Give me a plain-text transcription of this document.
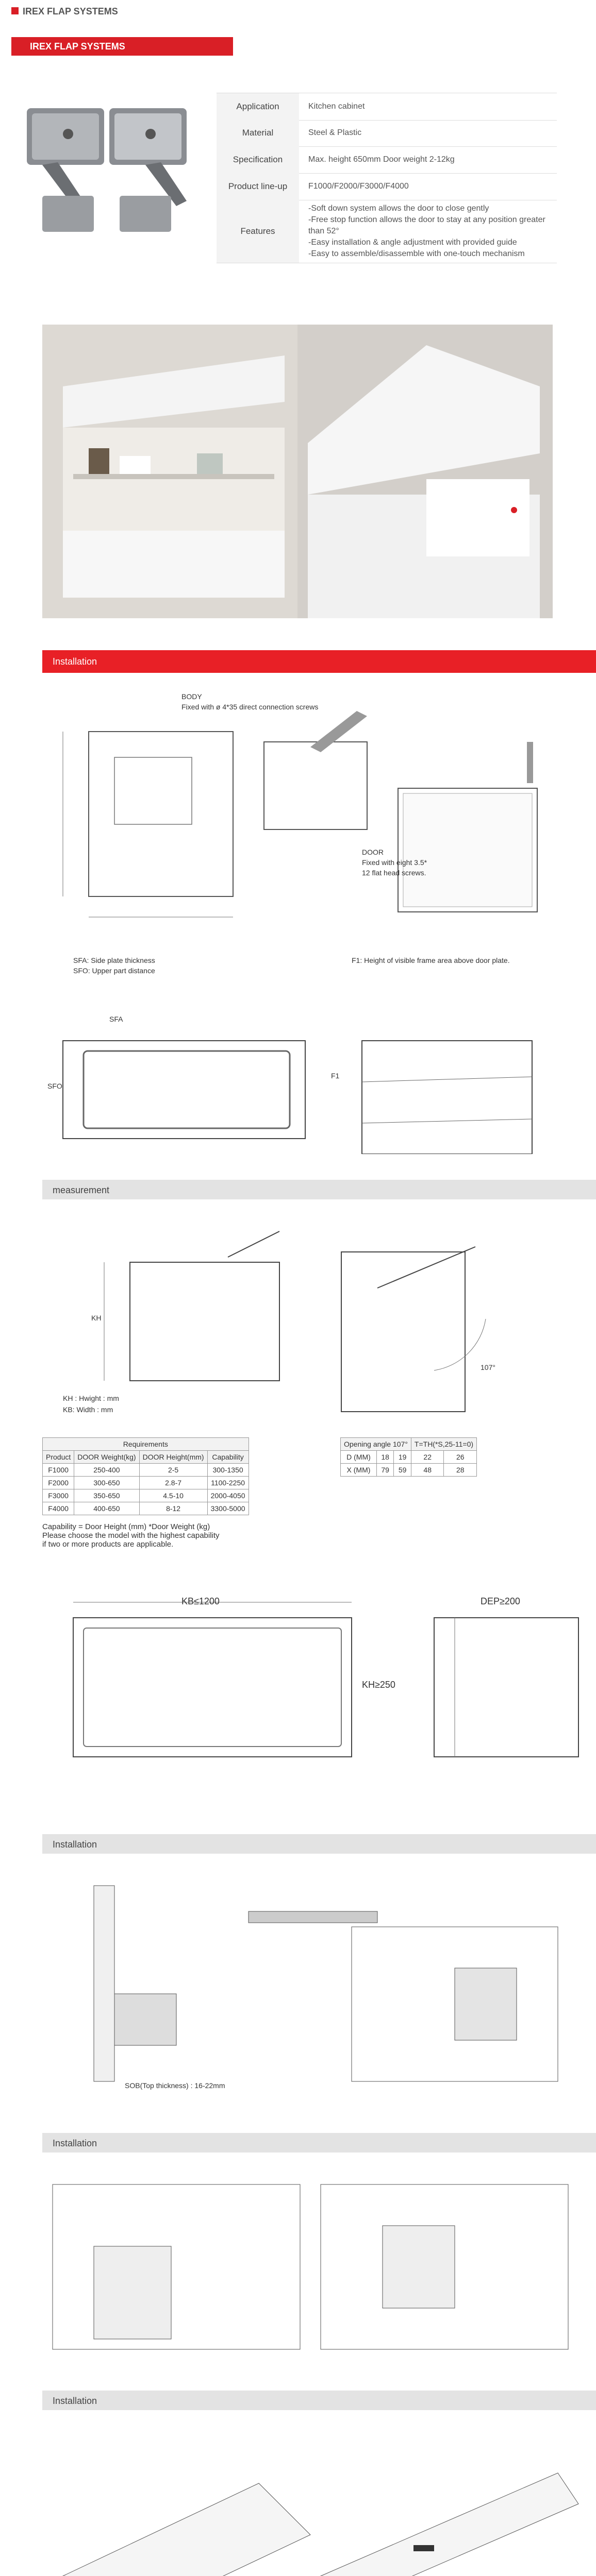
IREX FLAP SYSTEMS
IREX FLAP SYSTEMS
Application	Kitchen cabinet
Material	Steel & Plastic
Specification	Max. height 650mm Door weight 2-12kg
Product line-up	F1000/F2000/F3000/F4000
Features
-Soft down system allows the door to close gently
-Free stop function allows the door to stay at any position greater
than 52°
-Easy installation & angle adjustment with provided guide
-Easy to assemble/disassemble with one-touch mechanism
Installation
BODY
Fixed with ø 4*35 direct connection screws
DOOR
Fixed with eight 3.5*
12 flat head screws.
SFA
SFO
F1
SFA: Side plate thickness
SFO: Upper part distance
F1: Height of visible frame area above door plate.
measurement
KH
107°
KH : Hwight : mm
KB: Width : mm
Requirements			
Product	DOOR Weight(kg)	DOOR Height(mm)	Capability
F1000	250-400	2-5	300-1350
F2000	300-650	2.8-7	1100-2250
F3000	350-650	4.5-10	2000-4050
F4000	400-650	8-12	3300-5000
Capability = Door Height (mm) *Door Weight (kg)
Please choose the model with the highest capability
if two or more products are applicable.
Opening angle 107°			T=TH(*S,25-11=0)	
D (MM)	18	19	22	26
X (MM)	79	59	48	28
KB≤1200
KH≥250
DEP≥200
Installation
SOB(Top thickness) : 16-22mm
Installation
Installation
